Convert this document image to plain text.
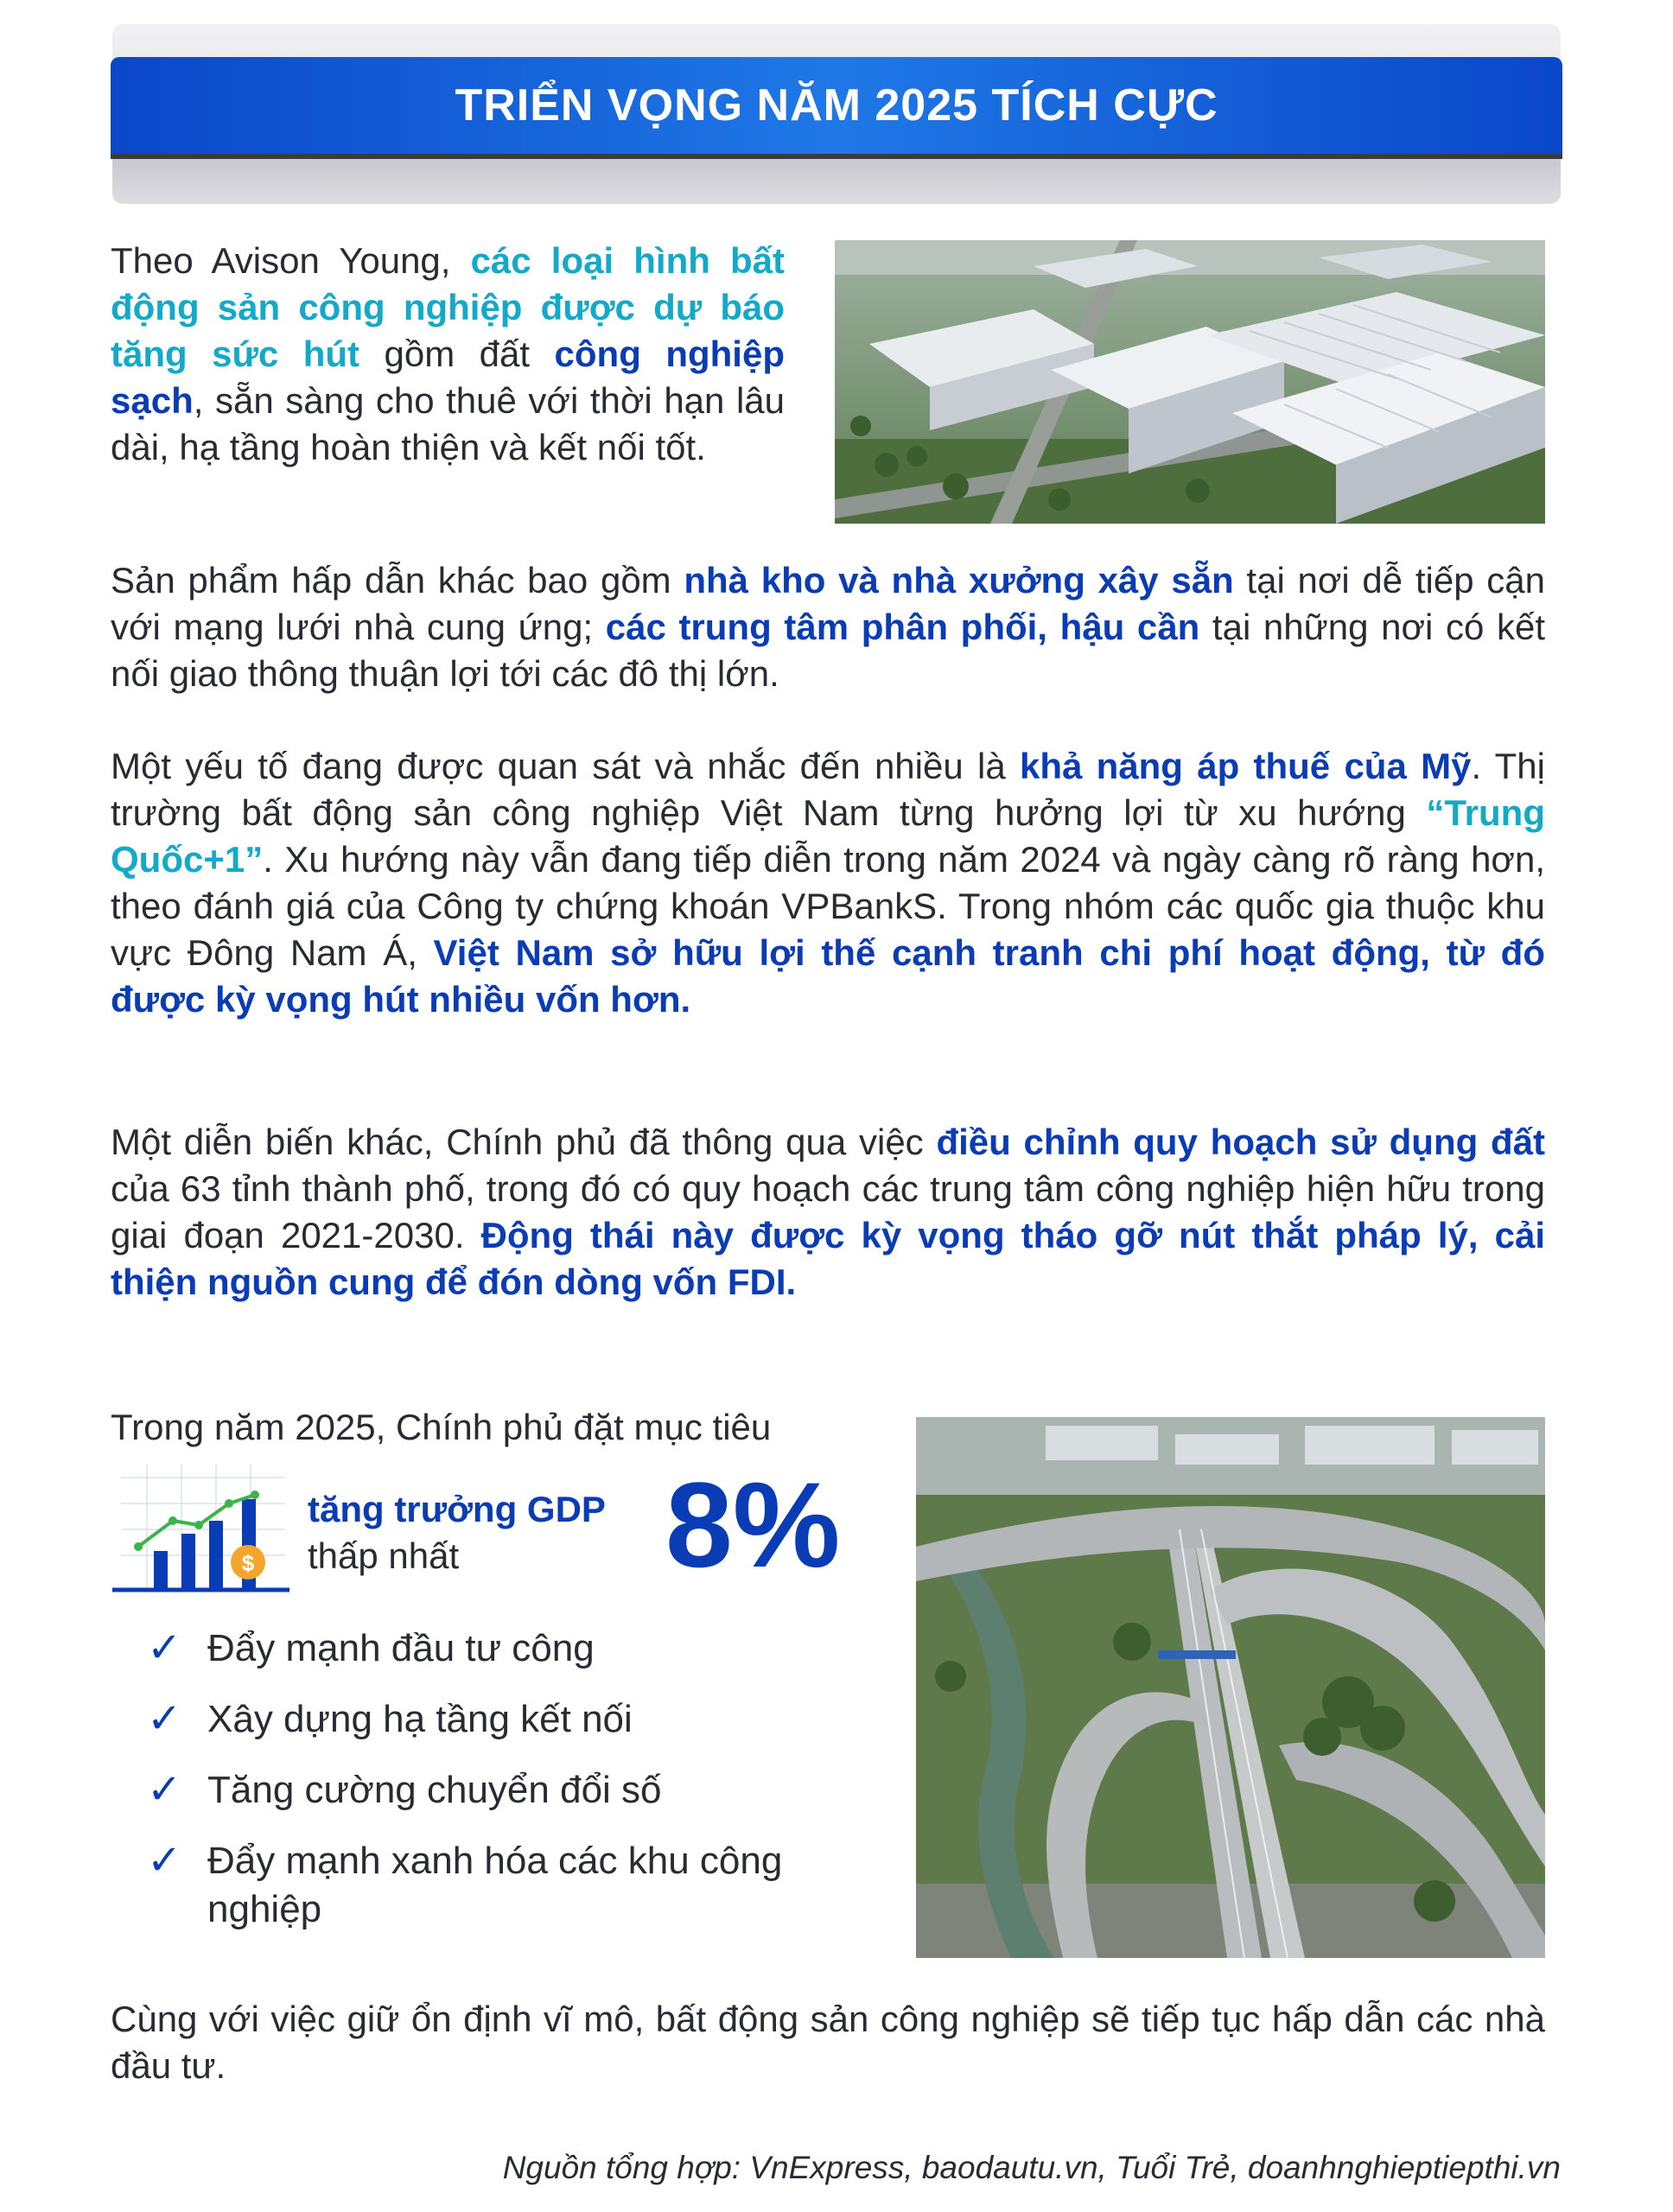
TRIỂN VỌNG NĂM 2025 TÍCH CỰC

Theo Avison Young, các loại hình bất động sản công nghiệp được dự báo tăng sức hút gồm đất công nghiệp sạch, sẵn sàng cho thuê với thời hạn lâu dài, hạ tầng hoàn thiện và kết nối tốt.

Sản phẩm hấp dẫn khác bao gồm nhà kho và nhà xưởng xây sẵn tại nơi dễ tiếp cận với mạng lưới nhà cung ứng; các trung tâm phân phối, hậu cần tại những nơi có kết nối giao thông thuận lợi tới các đô thị lớn.

Một yếu tố đang được quan sát và nhắc đến nhiều là khả năng áp thuế của Mỹ. Thị trường bất động sản công nghiệp Việt Nam từng hưởng lợi từ xu hướng “Trung Quốc+1”. Xu hướng này vẫn đang tiếp diễn trong năm 2024 và ngày càng rõ ràng hơn, theo đánh giá của Công ty chứng khoán VPBankS. Trong nhóm các quốc gia thuộc khu vực Đông Nam Á, Việt Nam sở hữu lợi thế cạnh tranh chi phí hoạt động, từ đó được kỳ vọng hút nhiều vốn hơn.

Một diễn biến khác, Chính phủ đã thông qua việc điều chỉnh quy hoạch sử dụng đất của 63 tỉnh thành phố, trong đó có quy hoạch các trung tâm công nghiệp hiện hữu trong giai đoạn 2021-2030. Động thái này được kỳ vọng tháo gỡ nút thắt pháp lý, cải thiện nguồn cung để đón dòng vốn FDI.

Trong năm 2025, Chính phủ đặt mục tiêu

$
tăng trưởng GDP
thấp nhất	8%
✓ Đẩy mạnh đầu tư công
✓ Xây dựng hạ tầng kết nối
✓ Tăng cường chuyển đổi số
✓ Đẩy mạnh xanh hóa các khu công nghiệp

Cùng với việc giữ ổn định vĩ mô, bất động sản công nghiệp sẽ tiếp tục hấp dẫn các nhà đầu tư.

Nguồn tổng hợp: VnExpress, baodautu.vn, Tuổi Trẻ, doanhnghieptiepthi.vn
